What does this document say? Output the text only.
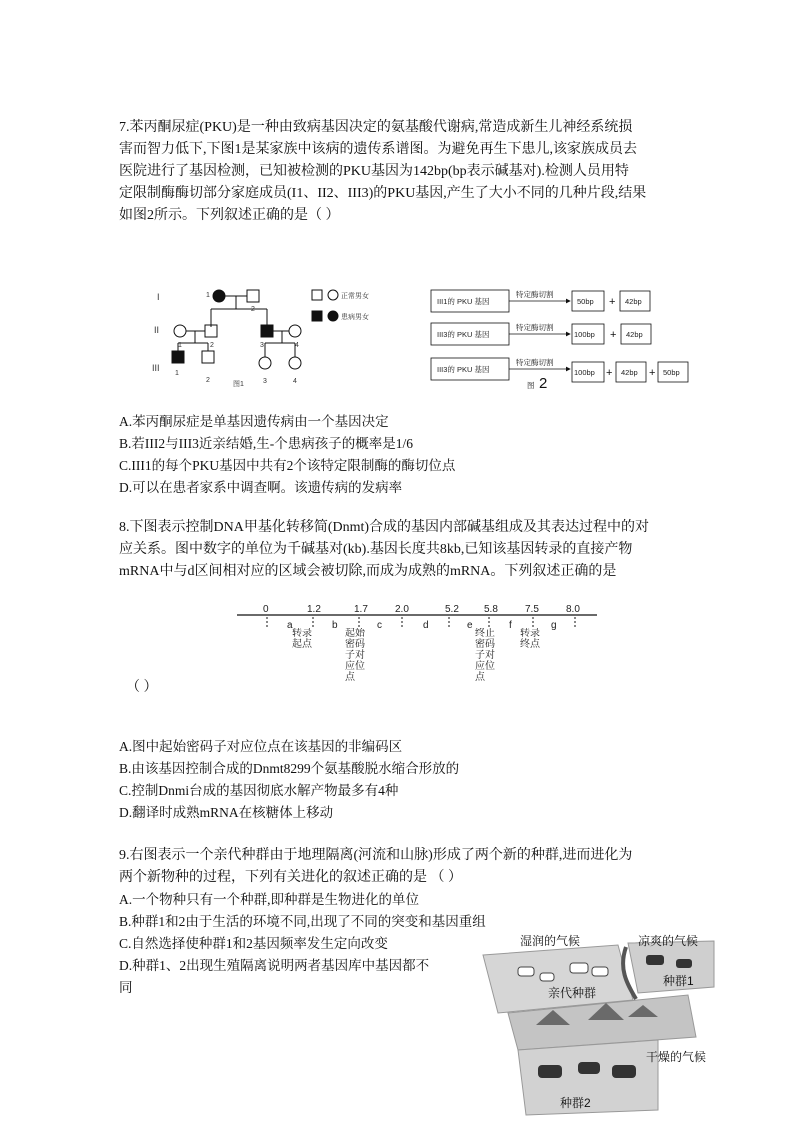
7.苯丙酮尿症(PKU)是一种由致病基因决定的氨基酸代谢病,常造成新生儿神经系统损
害而智力低下,下图1是某家族中该病的遗传系谱图。为避免再生下患儿,该家族成员去
医院进行了基因检测，已知被检测的PKU基因为142bp(bp表示碱基对).检测人员用特
定限制酶酶切部分家庭成员(I1、II2、III3)的PKU基因,产生了大小不同的几种片段,结果
如图2所示。下列叙述正确的是（ ）
I
II
III
1
2
1	2	3	4
1
2	3	4
正常男女
患病男女
图1
III1的 PKU 基因
III3的 PKU 基因
III3的 PKU 基因
特定酶切割
特定酶切割
特定酶切割
50bp	42bp
100bp	42bp
100bp	42bp	50bp
图
+
+
+	+
2
A.苯丙酮尿症是单基因遗传病由一个基因决定
B.若III2与III3近亲结婚,生-个患病孩子的概率是1/6
C.III1的每个PKU基因中共有2个该特定限制酶的酶切位点
D.可以在患者家系中调查啊。该遗传病的发病率
8.下图表示控制DNA甲基化转移简(Dnmt)合成的基因内部碱基组成及其表达过程中的对
应关系。图中数字的单位为千碱基对(kb).基因长度共8kb,已知该基因转录的直接产物
mRNA中与d区间相对应的区域会被切除,而成为成熟的mRNA。下列叙述正确的是
0	1.2	1.7	2.0	5.2	5.8	7.5	8.0
a	b	c	d	e	f	g
转录起点
起始密码子对应位点
终止密码子对应位点
转录终点
（ ）
A.图中起始密码子对应位点在该基因的非编码区
B.由该基因控制合成的Dnmt8299个氨基酸脱水缩合形放的
C.控制Dnmi台成的基因彻底水解产物最多有4种
D.翻译时成熟mRNA在核糖体上移动
9.右图表示一个亲代种群由于地理隔离(河流和山脉)形成了两个新的种群,进而进化为
两个新物种的过程，下列有关进化的叙述正确的是 （ ）
A.一个物种只有一个种群,即种群是生物进化的单位
B.种群1和2由于生活的环境不同,出现了不同的突变和基因重组
C.自然选择使种群1和2基因频率发生定向改变
D.种群1、2出现生殖隔离说明两者基因库中基因都不
同
湿润的气候	凉爽的气候
亲代种群
种群1
干燥的气候
种群2
